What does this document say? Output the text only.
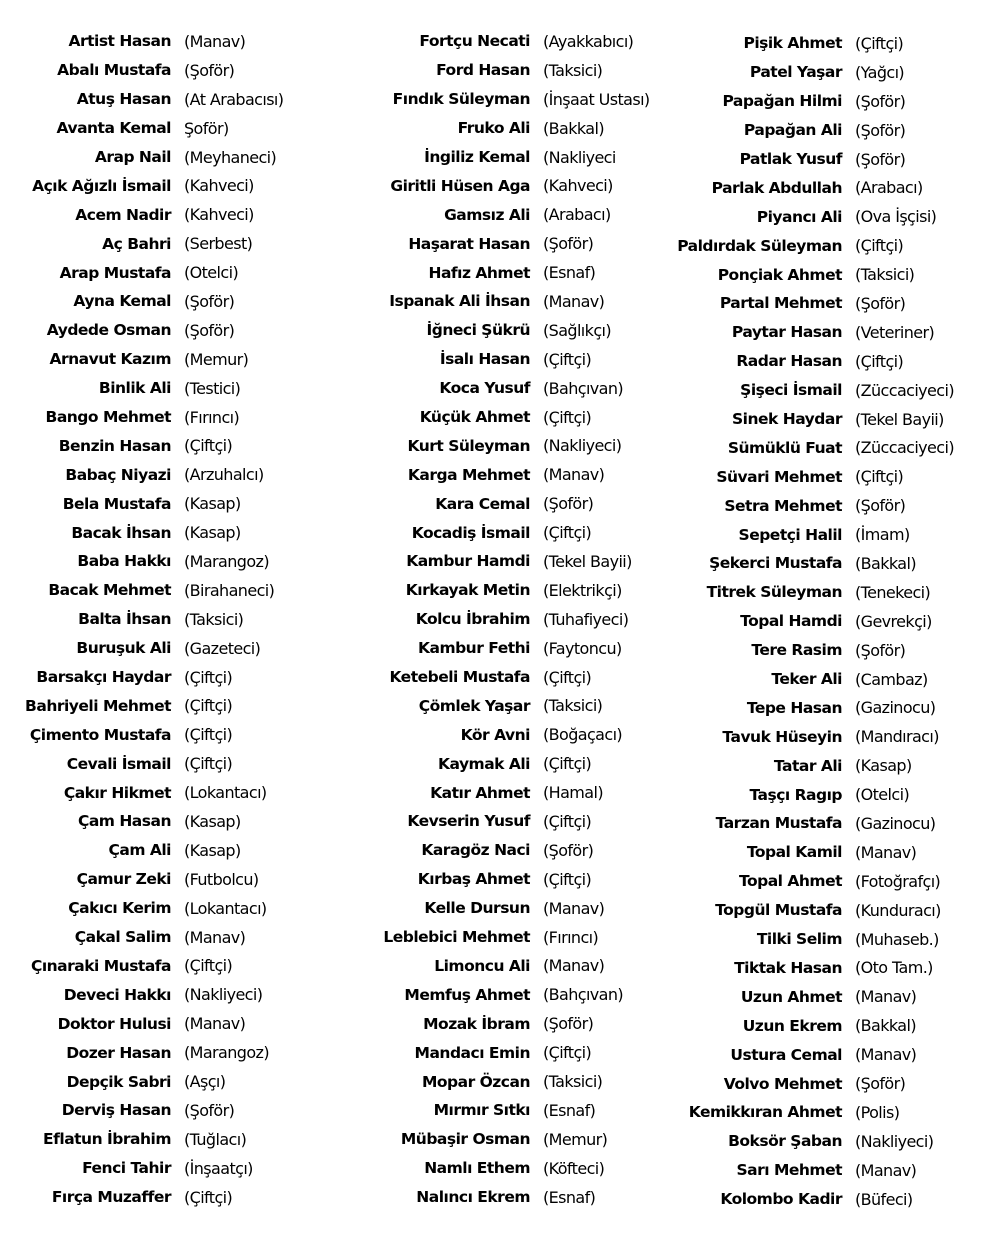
Artist Hasan (Manav)
Abalı Mustafa (Şoför)
Atuş Hasan (At Arabacısı)
Avanta Kemal Şoför)
Arap Nail (Meyhaneci)
Açık Ağızlı İsmail (Kahveci)
Acem Nadir (Kahveci)
Aç Bahri (Serbest)
Arap Mustafa (Otelci)
Ayna Kemal (Şoför)
Aydede Osman (Şoför)
Arnavut Kazım (Memur)
Binlik Ali (Testici)
Bango Mehmet (Fırıncı)
Benzin Hasan (Çiftçi)
Babaç Niyazi (Arzuhalcı)
Bela Mustafa (Kasap)
Bacak İhsan (Kasap)
Baba Hakkı (Marangoz)
Bacak Mehmet (Birahaneci)
Balta İhsan (Taksici)
Buruşuk Ali (Gazeteci)
Barsakçı Haydar (Çiftçi)
Bahriyeli Mehmet (Çiftçi)
Çimento Mustafa (Çiftçi)
Cevali İsmail (Çiftçi)
Çakır Hikmet (Lokantacı)
Çam Hasan (Kasap)
Çam Ali (Kasap)
Çamur Zeki (Futbolcu)
Çakıcı Kerim (Lokantacı)
Çakal Salim (Manav)
Çınaraki Mustafa (Çiftçi)
Deveci Hakkı (Nakliyeci)
Doktor Hulusi (Manav)
Dozer Hasan (Marangoz)
Depçik Sabri (Aşçı)
Derviş Hasan (Şoför)
Eflatun İbrahim (Tuğlacı)
Fenci Tahir (İnşaatçı)
Fırça Muzaffer (Çiftçi)
Fortçu Necati (Ayakkabıcı)
Ford Hasan (Taksici)
Fındık Süleyman (İnşaat Ustası)
Fruko Ali (Bakkal)
İngiliz Kemal (Nakliyeci
Giritli Hüsen Aga (Kahveci)
Gamsız Ali (Arabacı)
Haşarat Hasan (Şoför)
Hafız Ahmet (Esnaf)
Ispanak Ali İhsan (Manav)
İğneci Şükrü (Sağlıkçı)
İsalı Hasan (Çiftçi)
Koca Yusuf (Bahçıvan)
Küçük Ahmet (Çiftçi)
Kurt Süleyman (Nakliyeci)
Karga Mehmet (Manav)
Kara Cemal (Şoför)
Kocadiş İsmail (Çiftçi)
Kambur Hamdi (Tekel Bayii)
Kırkayak Metin (Elektrikçi)
Kolcu İbrahim (Tuhafiyeci)
Kambur Fethi (Faytoncu)
Ketebeli Mustafa (Çiftçi)
Çömlek Yaşar (Taksici)
Kör Avni (Boğaçacı)
Kaymak Ali (Çiftçi)
Katır Ahmet (Hamal)
Kevserin Yusuf (Çiftçi)
Karagöz Naci (Şoför)
Kırbaş Ahmet (Çiftçi)
Kelle Dursun (Manav)
Leblebici Mehmet (Fırıncı)
Limoncu Ali (Manav)
Memfuş Ahmet (Bahçıvan)
Mozak İbram (Şoför)
Mandacı Emin (Çiftçi)
Mopar Özcan (Taksici)
Mırmır Sıtkı (Esnaf)
Mübaşir Osman (Memur)
Namlı Ethem (Köfteci)
Nalıncı Ekrem (Esnaf)
Pişik Ahmet (Çiftçi)
Patel Yaşar (Yağcı)
Papağan Hilmi (Şoför)
Papağan Ali (Şoför)
Patlak Yusuf (Şoför)
Parlak Abdullah (Arabacı)
Piyancı Ali (Ova İşçisi)
Paldırdak Süleyman (Çiftçi)
Ponçiak Ahmet (Taksici)
Partal Mehmet (Şoför)
Paytar Hasan (Veteriner)
Radar Hasan (Çiftçi)
Şişeci İsmail (Züccaciyeci)
Sinek Haydar (Tekel Bayii)
Sümüklü Fuat (Züccaciyeci)
Süvari Mehmet (Çiftçi)
Setra Mehmet (Şoför)
Sepetçi Halil (İmam)
Şekerci Mustafa (Bakkal)
Titrek Süleyman (Tenekeci)
Topal Hamdi (Gevrekçi)
Tere Rasim (Şoför)
Teker Ali (Cambaz)
Tepe Hasan (Gazinocu)
Tavuk Hüseyin (Mandıracı)
Tatar Ali (Kasap)
Taşçı Ragıp (Otelci)
Tarzan Mustafa (Gazinocu)
Topal Kamil (Manav)
Topal Ahmet (Fotoğrafçı)
Topgül Mustafa (Kunduracı)
Tilki Selim (Muhaseb.)
Tiktak Hasan (Oto Tam.)
Uzun Ahmet (Manav)
Uzun Ekrem (Bakkal)
Ustura Cemal (Manav)
Volvo Mehmet (Şoför)
Kemikkıran Ahmet (Polis)
Boksör Şaban (Nakliyeci)
Sarı Mehmet (Manav)
Kolombo Kadir (Büfeci)
